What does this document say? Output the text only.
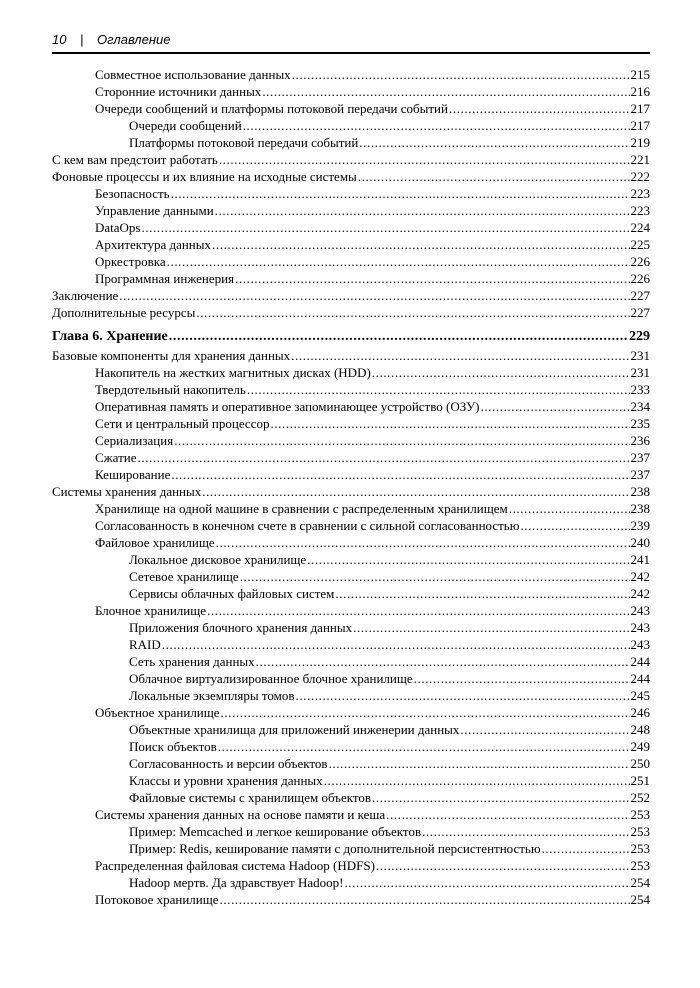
10 | Оглавление
Совместное использование данных .....	215
Сторонние источники данных .....	216
Очереди сообщений и платформы потоковой передачи событий .....	217
Очереди сообщений .....	217
Платформы потоковой передачи событий .....	219
С кем вам предстоит работать .....	221
Фоновые процессы и их влияние на исходные системы .....	222
Безопасность .....	223
Управление данными .....	223
DataOps .....	224
Архитектура данных .....	225
Оркестровка .....	226
Программная инженерия .....	226
Заключение .....	227
Дополнительные ресурсы .....	227
Глава 6. Хранение .....	229
Базовые компоненты для хранения данных .....	231
Накопитель на жестких магнитных дисках (HDD) .....	231
Твердотельный накопитель .....	233
Оперативная память и оперативное запоминающее устройство (ОЗУ) .....	234
Сети и центральный процессор .....	235
Сериализация .....	236
Сжатие .....	237
Кеширование .....	237
Системы хранения данных .....	238
Хранилище на одной машине в сравнении с распределенным хранилищем .....	238
Согласованность в конечном счете в сравнении с сильной согласованностью .....	239
Файловое хранилище .....	240
Локальное дисковое хранилище .....	241
Сетевое хранилище .....	242
Сервисы облачных файловых систем .....	242
Блочное хранилище .....	243
Приложения блочного хранения данных .....	243
RAID .....	243
Сеть хранения данных .....	244
Облачное виртуализированное блочное хранилище .....	244
Локальные экземпляры томов .....	245
Объектное хранилище .....	246
Объектные хранилища для приложений инженерии данных .....	248
Поиск объектов .....	249
Согласованность и версии объектов .....	250
Классы и уровни хранения данных .....	251
Файловые системы с хранилищем объектов .....	252
Системы хранения данных на основе памяти и кеша .....	253
Пример: Memcached и легкое кеширование объектов .....	253
Пример: Redis, кеширование памяти с дополнительной персистентностью .....	253
Распределенная файловая система Hadoop (HDFS) .....	253
Hadoop мертв. Да здравствует Hadoop! .....	254
Потоковое хранилище .....	254
